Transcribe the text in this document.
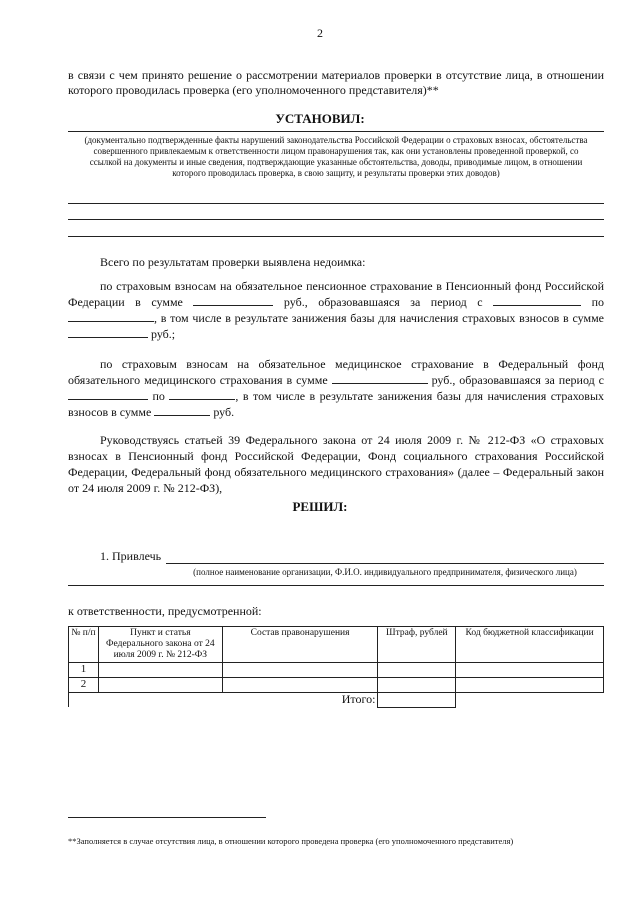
2
в связи с чем принято решение о рассмотрении материалов проверки в отсутствие лица, в отношении которого проводилась проверка (его уполномоченного представителя)**
УСТАНОВИЛ:
(документально подтвержденные факты нарушений законодательства Российской Федерации о страховых взносах, обстоятельства совершенного привлекаемым к ответственности лицом правонарушения так, как они установлены проведенной проверкой, со ссылкой на документы и иные сведения, подтверждающие указанные обстоятельства, доводы, приводимые лицом, в отношении которого проводилась проверка, в свою защиту, и результаты проверки этих доводов)
Всего по результатам проверки выявлена недоимка:
по страховым взносам на обязательное пенсионное страхование в Пенсионный фонд Российской Федерации в сумме	руб., образовавшаяся за период с	по , в том числе в результате занижения базы для начисления страховых взносов в сумме  руб.;
по страховым взносам на обязательное медицинское страхование в Федеральный фонд обязательного медицинского страхования в сумме	руб., образовавшаяся за период с  по	, в том числе в результате занижения базы для начисления страховых взносов в сумме	руб.
Руководствуясь статьей 39 Федерального закона от 24 июля 2009 г. № 212-ФЗ «О страховых взносах в Пенсионный фонд Российской Федерации, Фонд социального страхования Российской Федерации, Федеральный фонд обязательного медицинского страхования» (далее – Федеральный закон от 24 июля 2009 г. № 212-ФЗ),
РЕШИЛ:
1. Привлечь
(полное наименование организации, Ф.И.О. индивидуального предпринимателя, физического лица)
к ответственности, предусмотренной:
№ п/п	Пункт и статья Федерального закона от 24 июля 2009 г. № 212-ФЗ	Состав правонарушения	Штраф, рублей	Код бюджетной классификации
1				
2				
Итого:				
**Заполняется в случае отсутствия лица, в отношении которого проведена проверка (его уполномоченного представителя)
